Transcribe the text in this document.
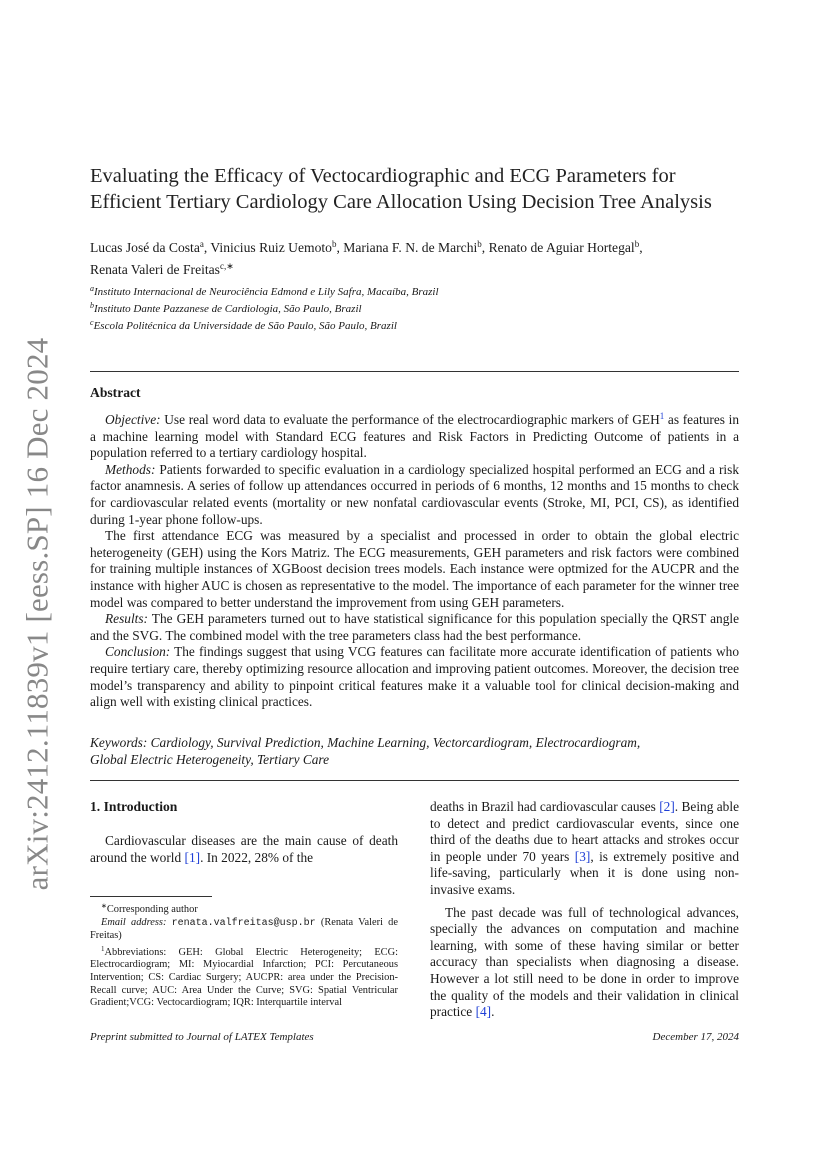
arXiv:2412.11839v1 [eess.SP] 16 Dec 2024
Evaluating the Efficacy of Vectocardiographic and ECG Parameters for
Efficient Tertiary Cardiology Care Allocation Using Decision Tree Analysis
Lucas José da Costa$^a$, Vinicius Ruiz Uemoto$^b$, Mariana F. N. de Marchi$^b$, Renato de Aguiar Hortegal$^b$,
Renata Valeri de Freitas$^{c,∗}$
$^a$Instituto Internacional de Neurociência Edmond e Lily Safra, Macaíba, Brazil
$^b$Instituto Dante Pazzanese de Cardiologia, São Paulo, Brazil
$^c$Escola Politécnica da Universidade de São Paulo, São Paulo, Brazil
Abstract

Objective: Use real word data to evaluate the performance of the electrocardiographic markers of GEH$^1$ as features in a machine learning model with Standard ECG features and Risk Factors in Predicting Outcome of patients in a population referred to a tertiary cardiology hospital.

Methods: Patients forwarded to specific evaluation in a cardiology specialized hospital performed an ECG and a risk factor anamnesis. A series of follow up attendances occurred in periods of 6 months, 12 months and 15 months to check for cardiovascular related events (mortality or new nonfatal cardiovascular events (Stroke, MI, PCI, CS), as identified during 1-year phone follow-ups.

The first attendance ECG was measured by a specialist and processed in order to obtain the global electric heterogeneity (GEH) using the Kors Matriz. The ECG measurements, GEH parameters and risk factors were combined for training multiple instances of XGBoost decision trees models. Each instance were optmized for the AUCPR and the instance with higher AUC is chosen as representative to the model. The importance of each parameter for the winner tree model was compared to better understand the improvement from using GEH parameters.

Results: The GEH parameters turned out to have statistical significance for this population specially the QRST angle and the SVG. The combined model with the tree parameters class had the best performance.

Conclusion: The findings suggest that using VCG features can facilitate more accurate identification of patients who require tertiary care, thereby optimizing resource allocation and improving patient outcomes. Moreover, the decision tree model’s transparency and ability to pinpoint critical features make it a valuable tool for clinical decision-making and align well with existing clinical practices.

Keywords: Cardiology, Survival Prediction, Machine Learning, Vectorcardiogram, Electrocardiogram,
Global Electric Heterogeneity, Tertiary Care
1. Introduction

Cardiovascular diseases are the main cause of death around the world [1]. In 2022, 28% of the

∗Corresponding author

Email address: renata.valfreitas@usp.br (Renata Valeri de Freitas)

$^1$Abbreviations: GEH: Global Electric Heterogeneity; ECG: Electrocardiogram; MI: Myiocardial Infarction; PCI: Percutaneous Intervention; CS: Cardiac Surgery; AUCPR: area under the Precision-Recall curve; AUC: Area Under the Curve; SVG: Spatial Ventricular Gradient;VCG: Vectocardiogram; IQR: Interquartile interval

deaths in Brazil had cardiovascular causes [2]. Being able to detect and predict cardiovascular events, since one third of the deaths due to heart attacks and strokes occur in people under 70 years [3], is extremely positive and life-saving, particularly when it is done using non-invasive exams.

The past decade was full of technological advances, specially the advances on computation and machine learning, with some of these having similar or better accuracy than specialists when diagnosing a disease. However a lot still need to be done in order to improve the quality of the models and their validation in clinical practice [4].

Preprint submitted to Journal of LATEX Templates	December 17, 2024
